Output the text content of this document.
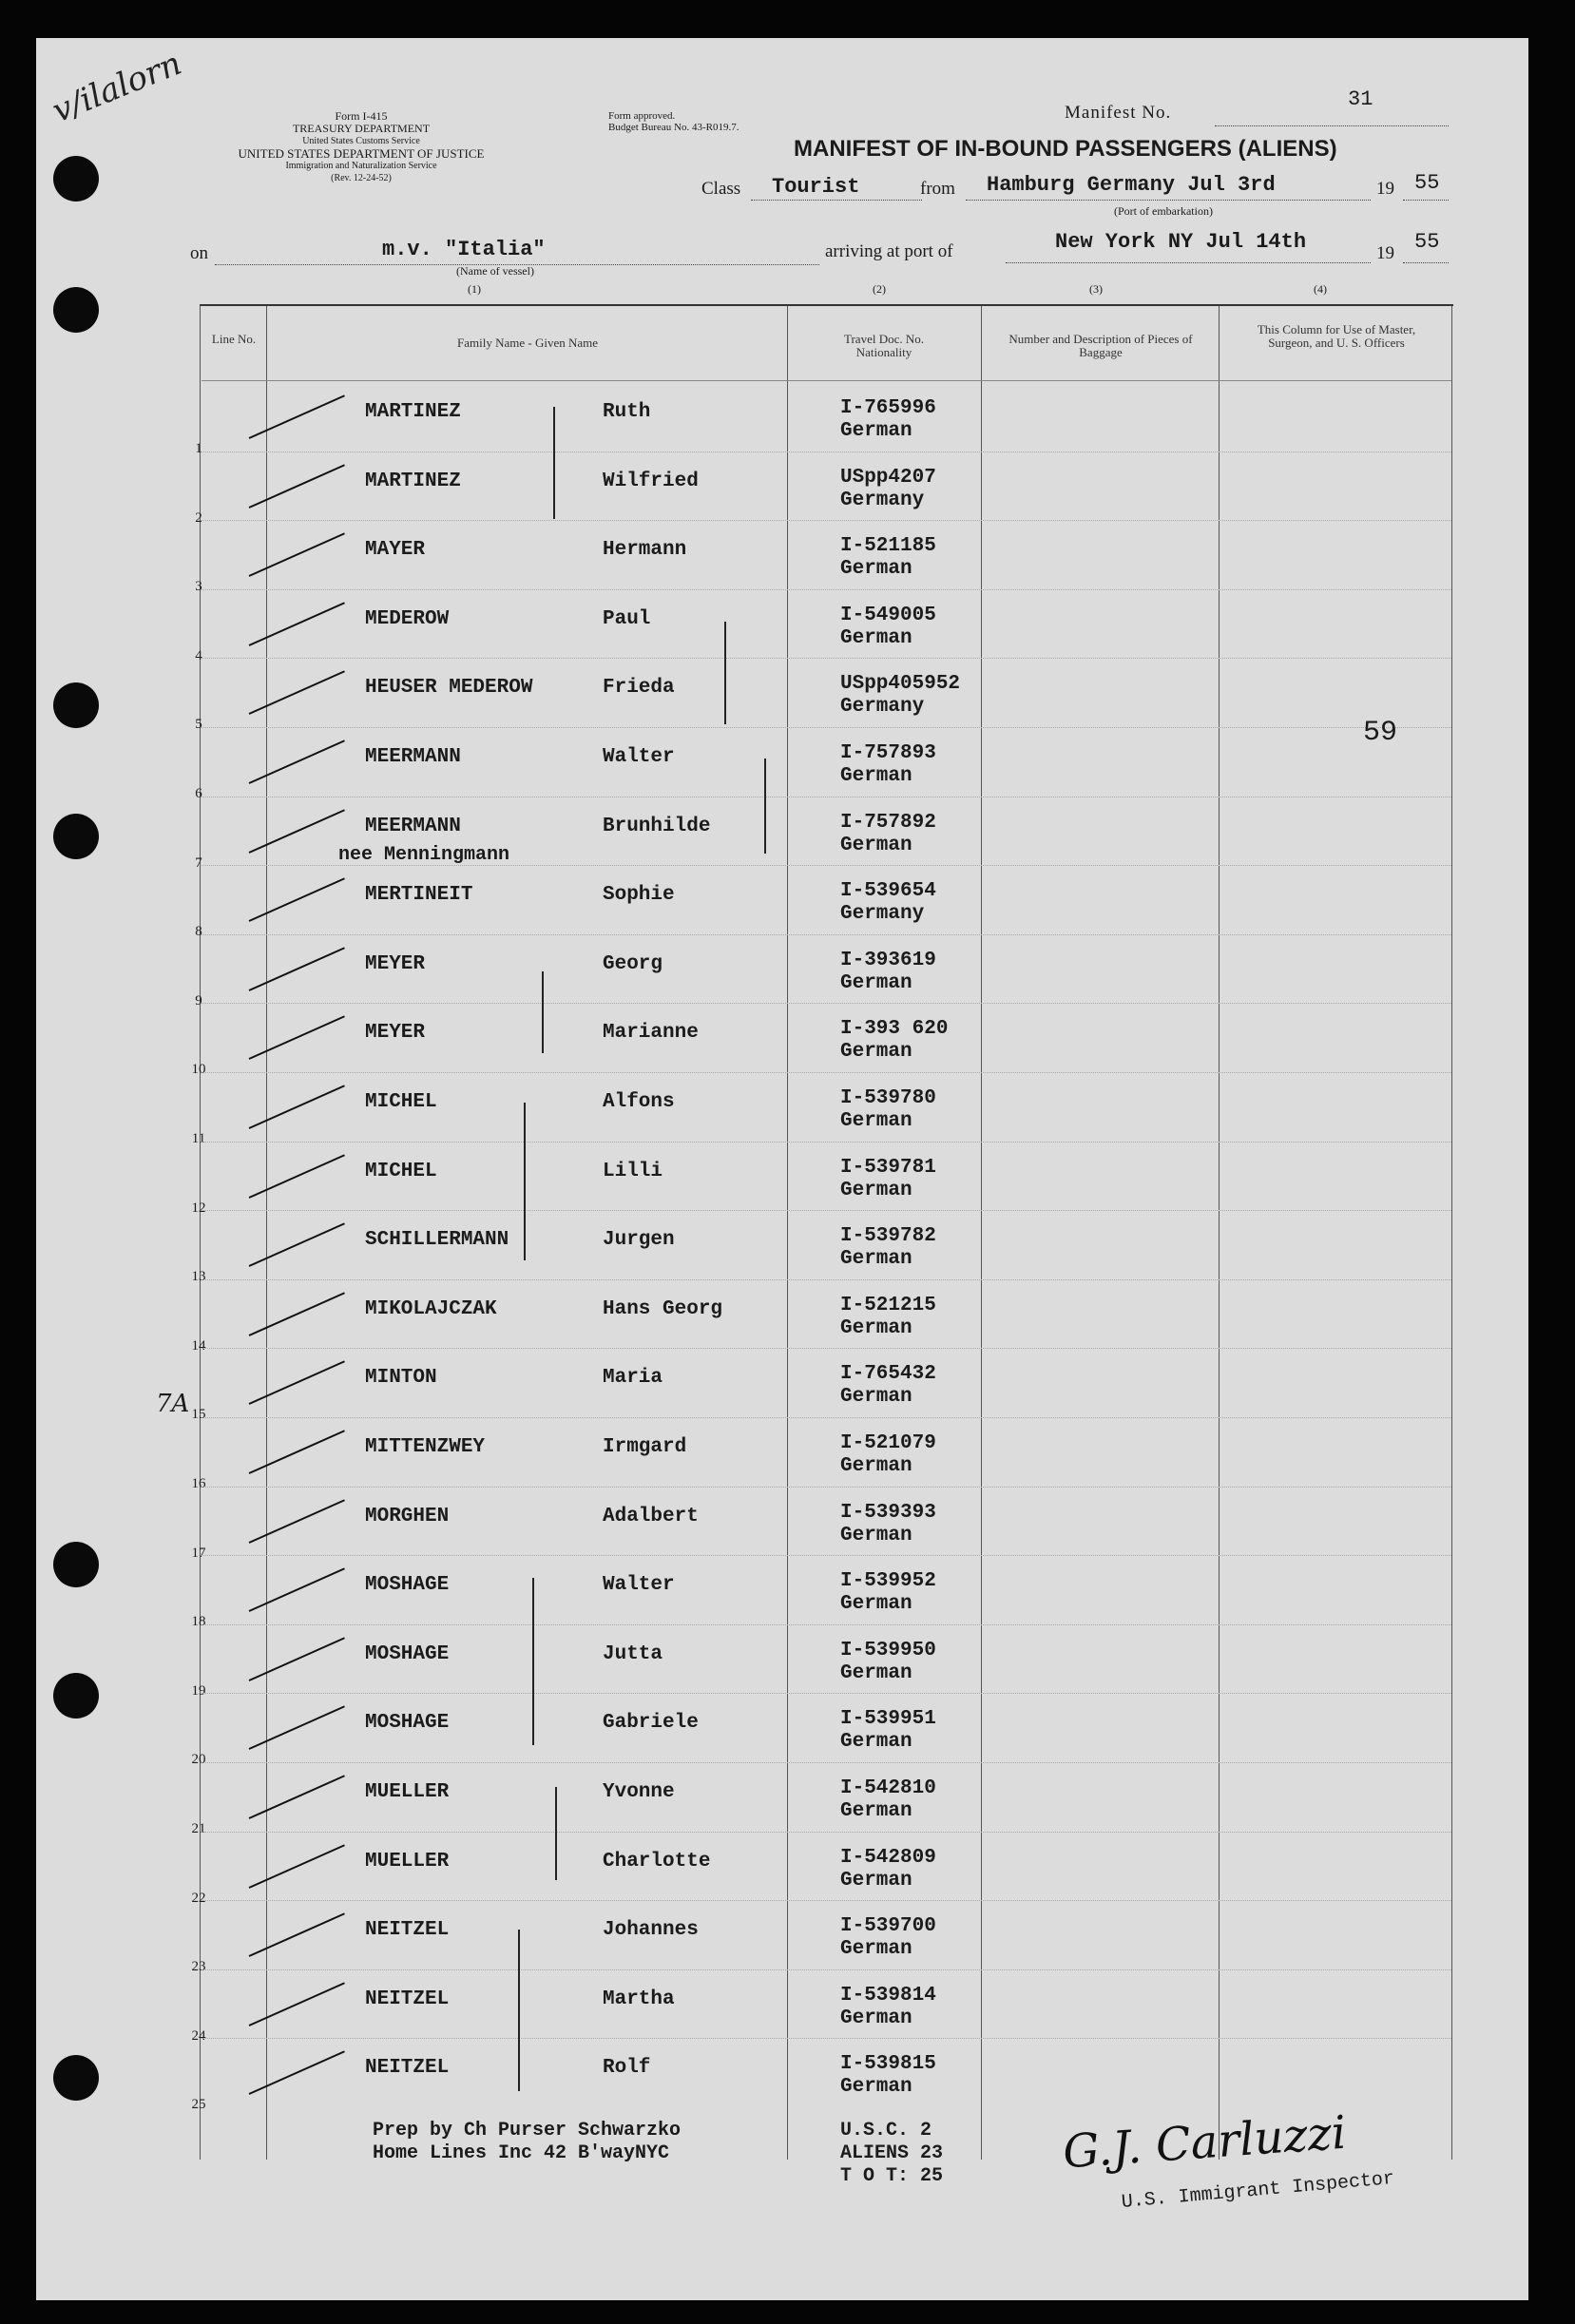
v/ilalorn	Form I-415
TREASURY DEPARTMENT
United States Customs Service
UNITED STATES DEPARTMENT OF JUSTICE
Immigration and Naturalization Service
(Rev. 12-24-52)
Form approved.
Budget Bureau No. 43-R019.7.
Manifest No.
31
MANIFEST OF IN-BOUND PASSENGERS (ALIENS)
Class Tourist	from Hamburg Germany Jul 3rd	19 55
(Port of embarkation)
on	m.v. "Italia"
(Name of vessel)
arriving at port of	New York NY Jul 14th	19 55
(1)	(2)	(3)	(4)
Line No.	Family Name - Given Name	Travel Doc. No. Nationality
Number and Description of Pieces of Baggage
This Column for Use of Master, Surgeon, and U. S. Officers
1
MARTINEZ	Ruth	I-765996
German
2
MARTINEZ	Wilfried	USpp4207
Germany
3
MAYER	Hermann	I-521185
German
4
MEDEROW	Paul	I-549005
German
5
HEUSER MEDEROW	Frieda	USpp405952
Germany
6
MEERMANN	Walter	I-757893
German
7
MEERMANN	Brunhilde	I-757892
German
nee Menningmann
8
MERTINEIT	Sophie	I-539654
Germany
9
MEYER	Georg	I-393619
German
10
MEYER	Marianne	I-393 620
German
11
MICHEL	Alfons	I-539780
German
12
MICHEL	Lilli	I-539781
German
13
SCHILLERMANN	Jurgen	I-539782
German
14
MIKOLAJCZAK	Hans Georg	I-521215
German
15
MINTON	Maria	I-765432
German
16
MITTENZWEY	Irmgard	I-521079
German
17
MORGHEN	Adalbert	I-539393
German
18
MOSHAGE	Walter	I-539952
German
19
MOSHAGE	Jutta	I-539950
German
20
MOSHAGE	Gabriele	I-539951
German
21
MUELLER	Yvonne	I-542810
German
22
MUELLER	Charlotte	I-542809
German
23
NEITZEL	Johannes	I-539700
German
24
NEITZEL	Martha	I-539814
German
25
NEITZEL	Rolf	I-539815
German
59
7A
Prep by Ch Purser Schwarzko
Home Lines Inc 42 B'wayNYC
U.S.C. 2
ALIENS 23
T O T: 25	G.J. Carluzzi
U.S. Immigrant Inspector
